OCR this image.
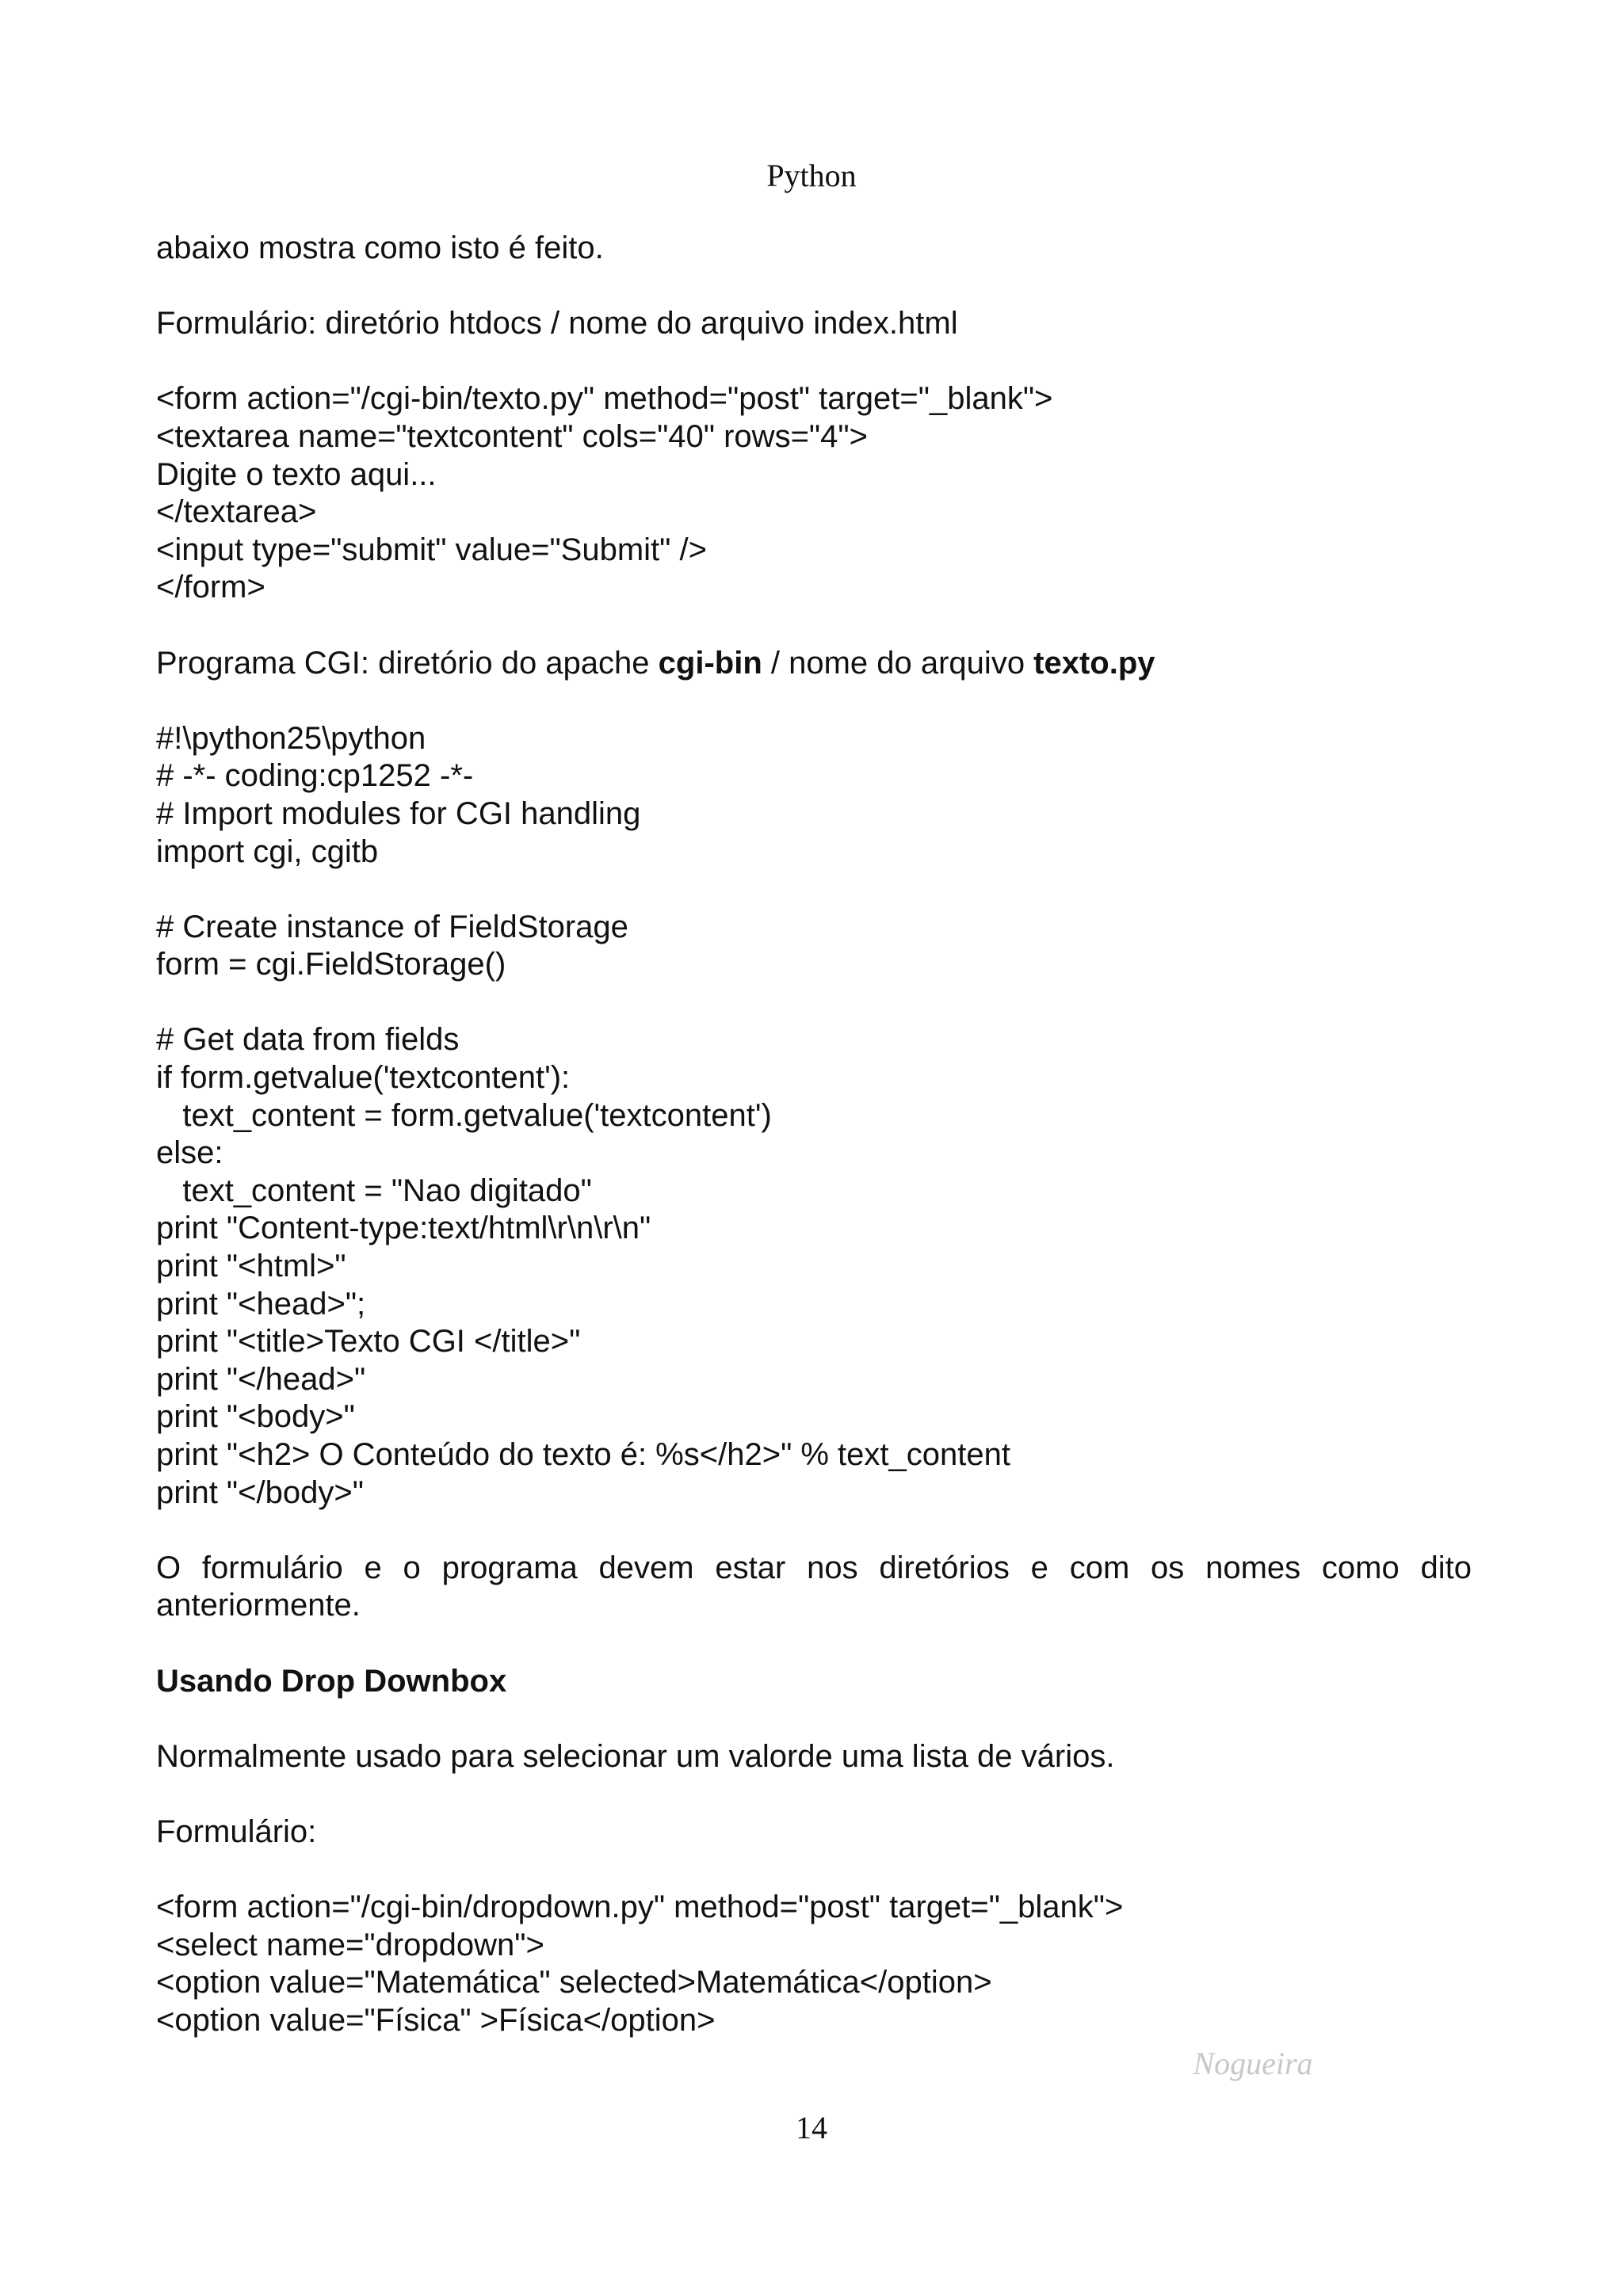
Python
abaixo mostra como isto é feito.
Formulário: diretório htdocs / nome do arquivo index.html
<form action="/cgi-bin/texto.py" method="post" target="_blank">
<textarea name="textcontent" cols="40" rows="4">
Digite o texto aqui...
</textarea>
<input type="submit" value="Submit" />
</form>
Programa CGI: diretório do apache cgi-bin / nome do arquivo texto.py
#!\python25\python
# -*- coding:cp1252 -*-
# Import modules for CGI handling
import cgi, cgitb
# Create instance of FieldStorage
form = cgi.FieldStorage()
# Get data from fields
if form.getvalue('textcontent'):
text_content = form.getvalue('textcontent')
else:
text_content = "Nao digitado"
print "Content-type:text/html\r\n\r\n"
print "<html>"
print "<head>";
print "<title>Texto CGI </title>"
print "</head>"
print "<body>"
print "<h2> O Conteúdo do texto é: %s</h2>" % text_content
print "</body>"
O formulário e o programa devem estar nos diretórios e com os nomes como dito
anteriormente.
Usando Drop Downbox
Normalmente usado para selecionar um valorde uma lista de vários.
Formulário:
<form action="/cgi-bin/dropdown.py" method="post" target="_blank">
<select name="dropdown">
<option value="Matemática" selected>Matemática</option>
<option value="Física" >Física</option>
Nogueira
14
